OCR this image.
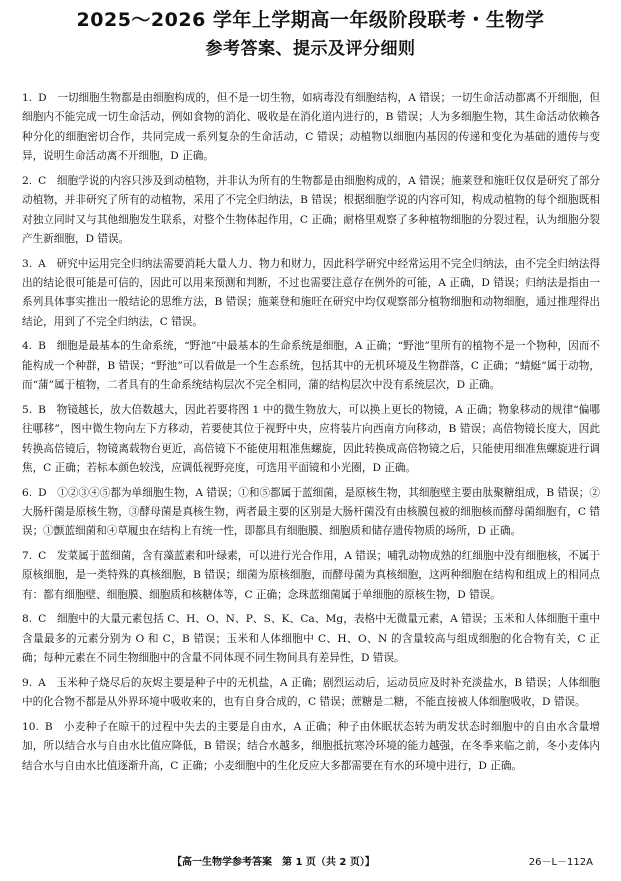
2025～2026 学年上学期高一年级阶段联考・生物学
参考答案、提示及评分细则
1. D　一切细胞生物都是由细胞构成的，但不是一切生物，如病毒没有细胞结构，A 错误；一切生命活动都离不开细胞，但细胞内不能完成一切生命活动，例如食物的消化、吸收是在消化道内进行的，B 错误；人为多细胞生物，其生命活动依赖各种分化的细胞密切合作，共同完成一系列复杂的生命活动，C 错误；动植物以细胞内基因的传递和变化为基础的遗传与变异，说明生命活动离不开细胞，D 正确。
2. C　细胞学说的内容只涉及到动植物，并非认为所有的生物都是由细胞构成的，A 错误；施莱登和施旺仅仅是研究了部分动植物，并非研究了所有的动植物，采用了不完全归纳法，B 错误；根据细胞学说的内容可知，构成动植物的每个细胞既相对独立同时又与其他细胞发生联系，对整个生物体起作用，C 正确；耐格里观察了多种植物细胞的分裂过程，认为细胞分裂产生新细胞，D 错误。
3. A　研究中运用完全归纳法需要消耗大量人力、物力和财力，因此科学研究中经常运用不完全归纳法，由不完全归纳法得出的结论很可能是可信的，因此可以用来预测和判断，不过也需要注意存在例外的可能，A 正确，D 错误；归纳法是指由一系列具体事实推出一般结论的思维方法，B 错误；施莱登和施旺在研究中均仅观察部分植物细胞和动物细胞，通过推理得出结论，用到了不完全归纳法，C 错误。
4. B　细胞是最基本的生命系统，“野池”中最基本的生命系统是细胞，A 正确；“野池”里所有的植物不是一个物种，因而不能构成一个种群，B 错误；“野池”可以看做是一个生态系统，包括其中的无机环境及生物群落，C 正确；“蜻蜓”属于动物，而“蒲”属于植物，二者具有的生命系统结构层次不完全相同，蒲的结构层次中没有系统层次，D 正确。
5. B　物镜越长，放大倍数越大，因此若要将图 1 中的微生物放大，可以换上更长的物镜，A 正确；物象移动的规律“偏哪往哪移”，图中微生物向左下方移动，若要使其位于视野中央，应将装片向西南方向移动，B 错误；高倍物镜长度大，因此转换高倍镜后，物镜离载物台更近，高倍镜下不能使用粗准焦螺旋，因此转换成高倍物镜之后，只能使用细准焦螺旋进行调焦，C 正确；若标本颜色较浅，应调低视野亮度，可选用平面镜和小光圈，D 正确。
6. D　①②③④⑤都为单细胞生物，A 错误；①和⑤都属于蓝细菌，是原核生物，其细胞壁主要由肽聚糖组成，B 错误；②大肠杆菌是原核生物，③酵母菌是真核生物，两者最主要的区别是大肠杆菌没有由核膜包被的细胞核而酵母菌细胞有，C 错误；①颤蓝细菌和④草履虫在结构上有统一性，即都具有细胞膜、细胞质和储存遗传物质的场所，D 正确。
7. C　发菜属于蓝细菌，含有藻蓝素和叶绿素，可以进行光合作用，A 错误；哺乳动物成熟的红细胞中没有细胞核，不属于原核细胞，是一类特殊的真核细胞，B 错误；细菌为原核细胞，而酵母菌为真核细胞，这两种细胞在结构和组成上的相同点有：都有细胞壁、细胞膜、细胞质和核糖体等，C 正确；念珠蓝细菌属于单细胞的原核生物，D 错误。
8. C　细胞中的大量元素包括 C、H、O、N、P、S、K、Ca、Mg，表格中无微量元素，A 错误；玉米和人体细胞干重中含量最多的元素分别为 O 和 C，B 错误；玉米和人体细胞中 C、H、O、N 的含量较高与组成细胞的化合物有关，C 正确；每种元素在不同生物细胞中的含量不同体现不同生物间具有差异性，D 错误。
9. A　玉米种子烧尽后的灰烬主要是种子中的无机盐，A 正确；剧烈运动后，运动员应及时补充淡盐水，B 错误；人体细胞中的化合物不都是从外界环境中吸收来的，也有自身合成的，C 错误；蔗糖是二糖，不能直接被人体细胞吸收，D 错误。
10. B　小麦种子在晾干的过程中失去的主要是自由水，A 正确；种子由休眠状态转为萌发状态时细胞中的自由水含量增加，所以结合水与自由水比值应降低，B 错误；结合水越多，细胞抵抗寒冷环境的能力越强，在冬季来临之前，冬小麦体内结合水与自由水比值逐渐升高，C 正确；小麦细胞中的生化反应大多都需要在有水的环境中进行，D 正确。
【高一生物学参考答案　第 1 页（共 2 页）】	26－L－112A
